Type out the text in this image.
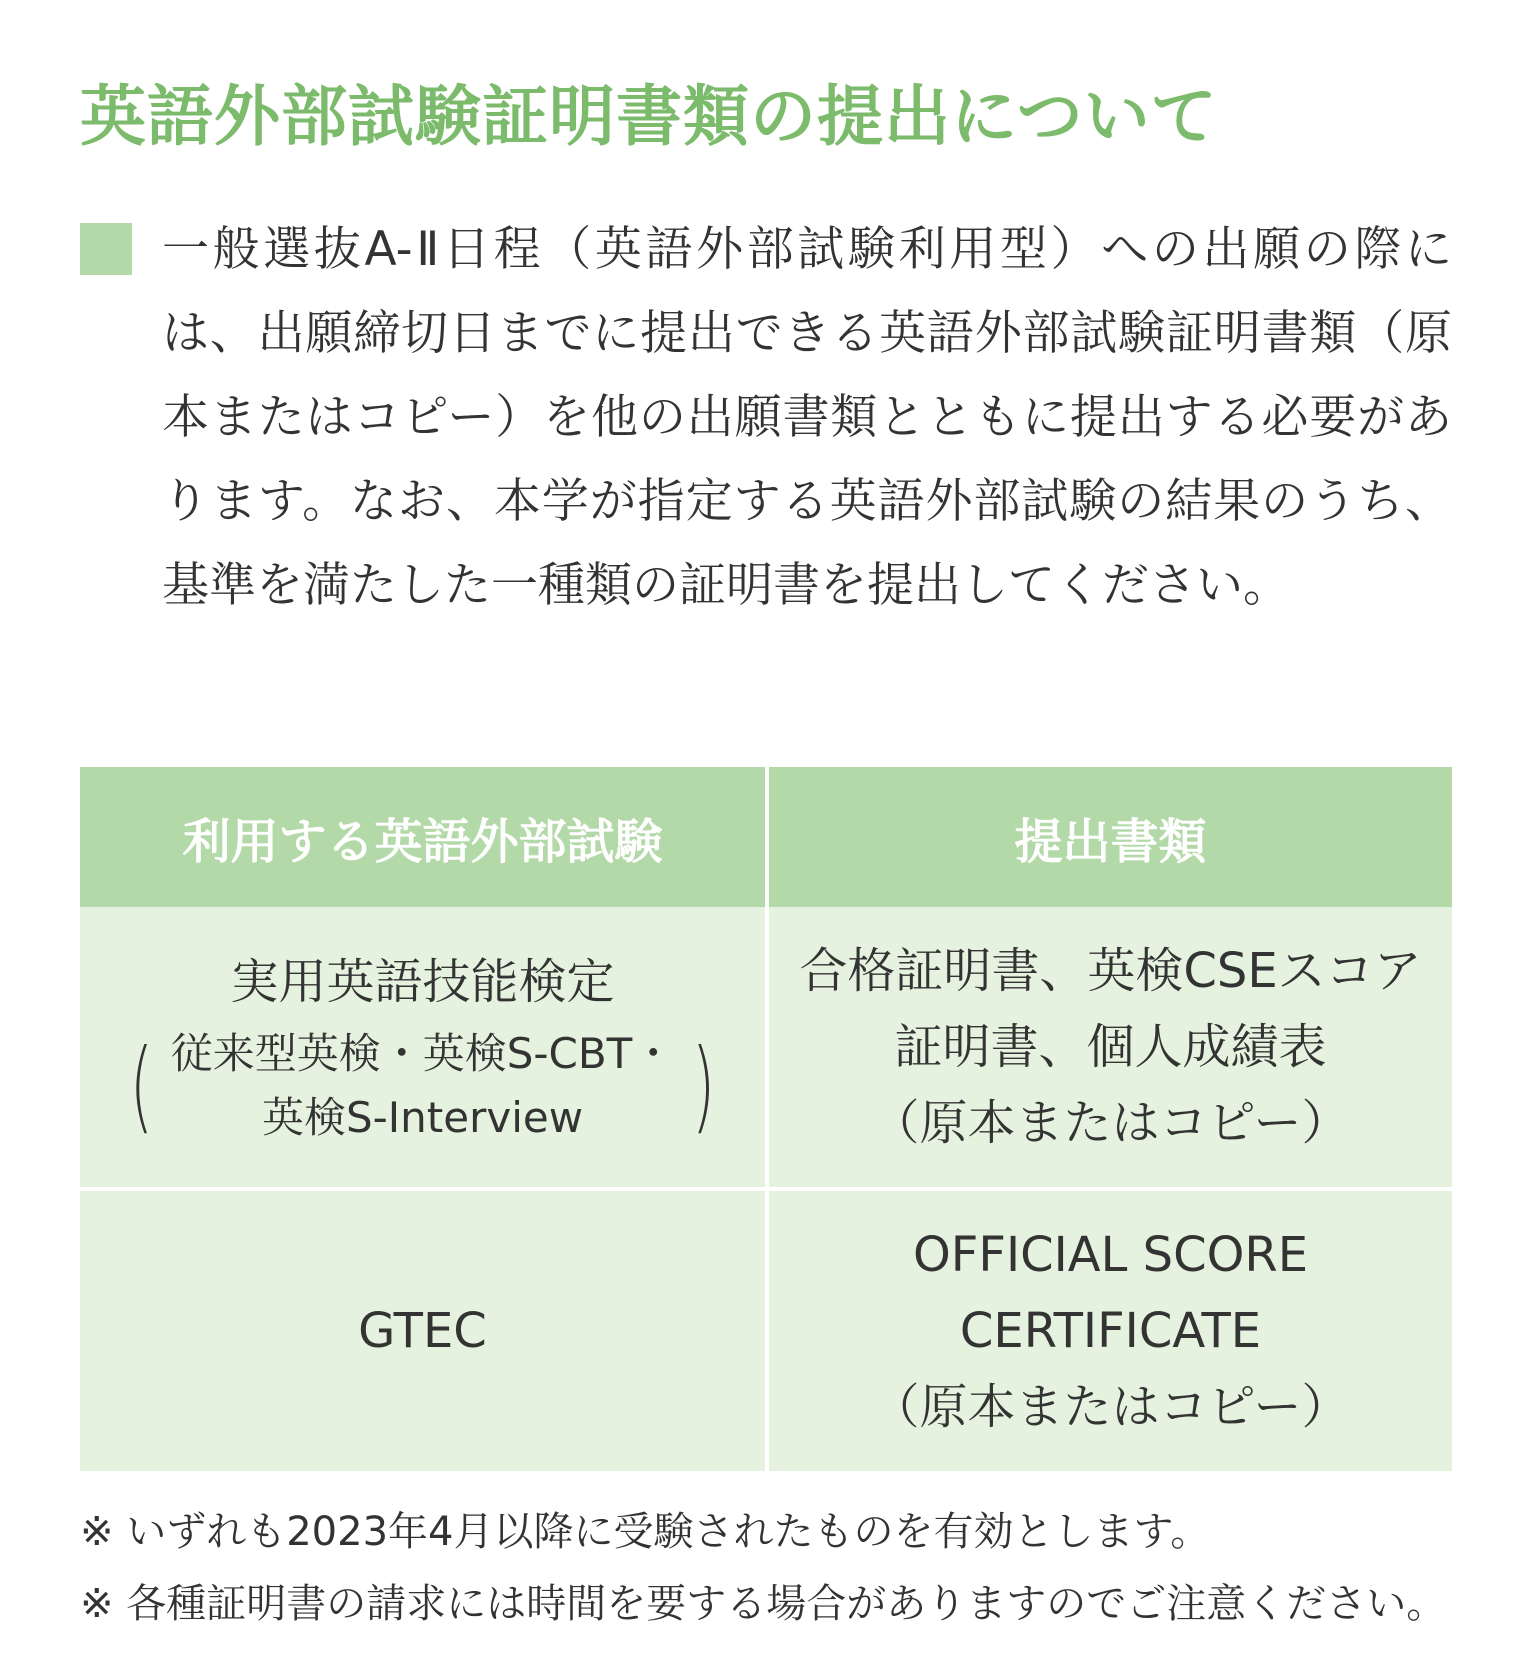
英語外部試験証明書類の提出について

一般選抜A-Ⅱ日程（英語外部試験利用型）への出願の際には、出願締切日までに提出できる英語外部試験証明書類（原本またはコピー）を他の出願書類とともに提出する必要があります。なお、本学が指定する英語外部試験の結果のうち、基準を満たした一種類の証明書を提出してください。

利用する英語外部試験	提出書類
実用英語技能検定
( 従来型英検・英検S-CBT・
英検S-Interview	)
合格証明書、英検CSEスコア
証明書、個人成績表
（原本またはコピー）
GTEC
OFFICIAL SCORE
CERTIFICATE
（原本またはコピー）

※ いずれも2023年4月以降に受験されたものを有効とします。

※ 各種証明書の請求には時間を要する場合がありますのでご注意ください。
